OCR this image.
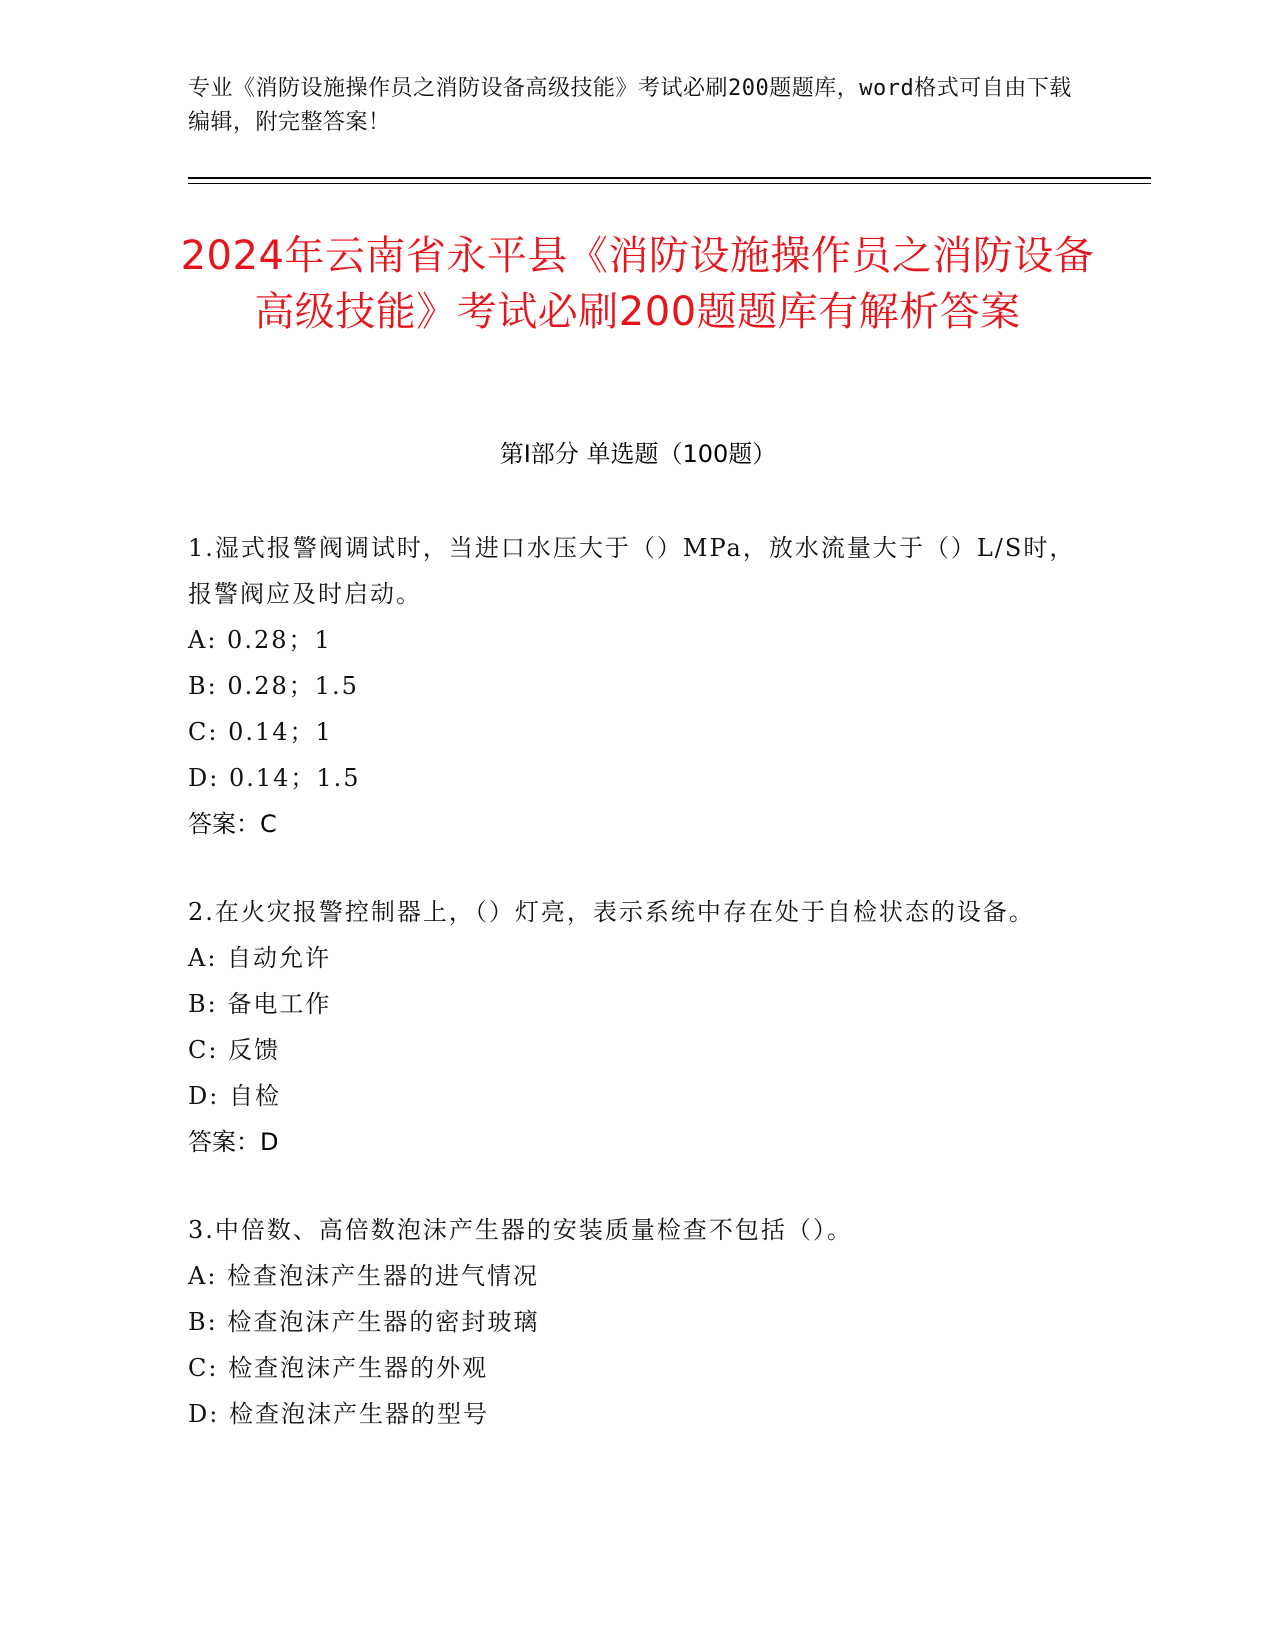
专业《消防设施操作员之消防设备高级技能》考试必刷200题题库，word格式可自由下载编辑，附完整答案！
2024年云南省永平县《消防设施操作员之消防设备高级技能》考试必刷200题题库有解析答案
第I部分 单选题（100题）

1.湿式报警阀调试时，当进口水压大于（）MPa，放水流量大于（）L/S时，报警阀应及时启动。

A: 0.28；1

B: 0.28；1.5

C: 0.14；1

D: 0.14；1.5

答案：C

2.在火灾报警控制器上，（）灯亮，表示系统中存在处于自检状态的设备。

A: 自动允许

B: 备电工作

C: 反馈

D: 自检

答案：D

3.中倍数、高倍数泡沫产生器的安装质量检查不包括（）。

A: 检查泡沫产生器的进气情况

B: 检查泡沫产生器的密封玻璃

C: 检查泡沫产生器的外观

D: 检查泡沫产生器的型号
